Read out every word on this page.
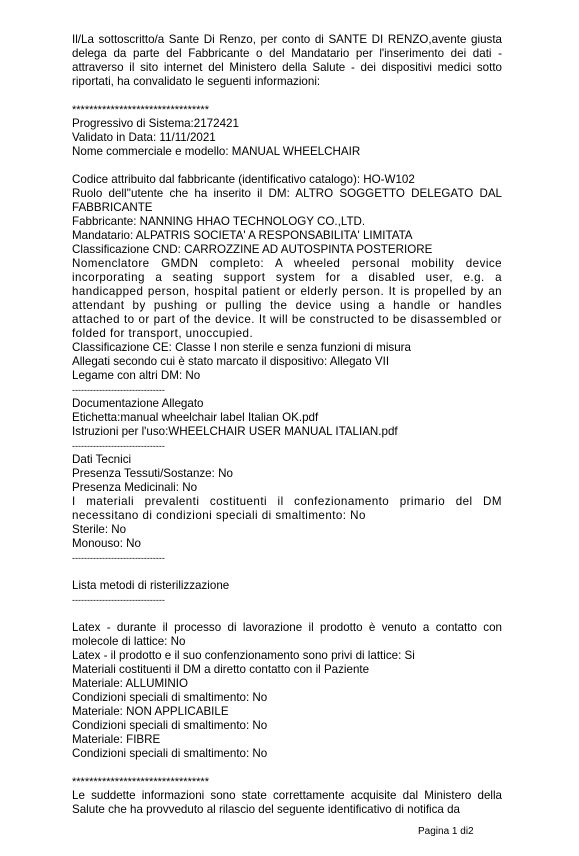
Il/La sottoscritto/a Sante Di Renzo, per conto di SANTE DI RENZO,avente giusta delega da parte del Fabbricante o del Mandatario per l'inserimento dei dati - attraverso il sito internet del Ministero della Salute - dei dispositivi medici sotto riportati, ha convalidato le seguenti informazioni:
********************************
Progressivo di Sistema:2172421
Validato in Data: 11/11/2021
Nome commerciale e modello: MANUAL WHEELCHAIR
Codice attribuito dal fabbricante (identificativo catalogo): HO-W102
Ruolo dell''utente che ha inserito il DM: ALTRO SOGGETTO DELEGATO DAL FABBRICANTE
Fabbricante: NANNING HHAO TECHNOLOGY CO.,LTD.
Mandatario: ALPATRIS SOCIETA' A RESPONSABILITA' LIMITATA
Classificazione CND: CARROZZINE AD AUTOSPINTA POSTERIORE
Nomenclatore GMDN completo: A wheeled personal mobility device incorporating a seating support system for a disabled user, e.g. a handicapped person, hospital patient or elderly person. It is propelled by an attendant by pushing or pulling the device using a handle or handles attached to or part of the device. It will be constructed to be disassembled or folded for transport, unoccupied.
Classificazione CE: Classe I non sterile e senza funzioni di misura
Allegati secondo cui è stato marcato il dispositivo: Allegato VII
Legame con altri DM: No
-------------------------------
Documentazione Allegato
Etichetta:manual wheelchair label Italian OK.pdf
Istruzioni per l'uso:WHEELCHAIR USER MANUAL ITALIAN.pdf
-------------------------------
Dati Tecnici
Presenza Tessuti/Sostanze: No
Presenza Medicinali: No
I materiali prevalenti costituenti il confezionamento primario del DM necessitano di condizioni speciali di smaltimento: No
Sterile: No
Monouso: No
-------------------------------
Lista metodi di risterilizzazione
-------------------------------
Latex - durante il processo di lavorazione il prodotto è venuto a contatto con molecole di lattice: No
Latex - il prodotto e il suo confenzionamento sono privi di lattice: Si
Materiali costituenti il DM a diretto contatto con il Paziente
Materiale: ALLUMINIO
Condizioni speciali di smaltimento: No
Materiale: NON APPLICABILE
Condizioni speciali di smaltimento: No
Materiale: FIBRE
Condizioni speciali di smaltimento: No
********************************
Le suddette informazioni sono state correttamente acquisite dal Ministero della Salute che ha provveduto al rilascio del seguente identificativo di notifica da
Pagina 1 di2
